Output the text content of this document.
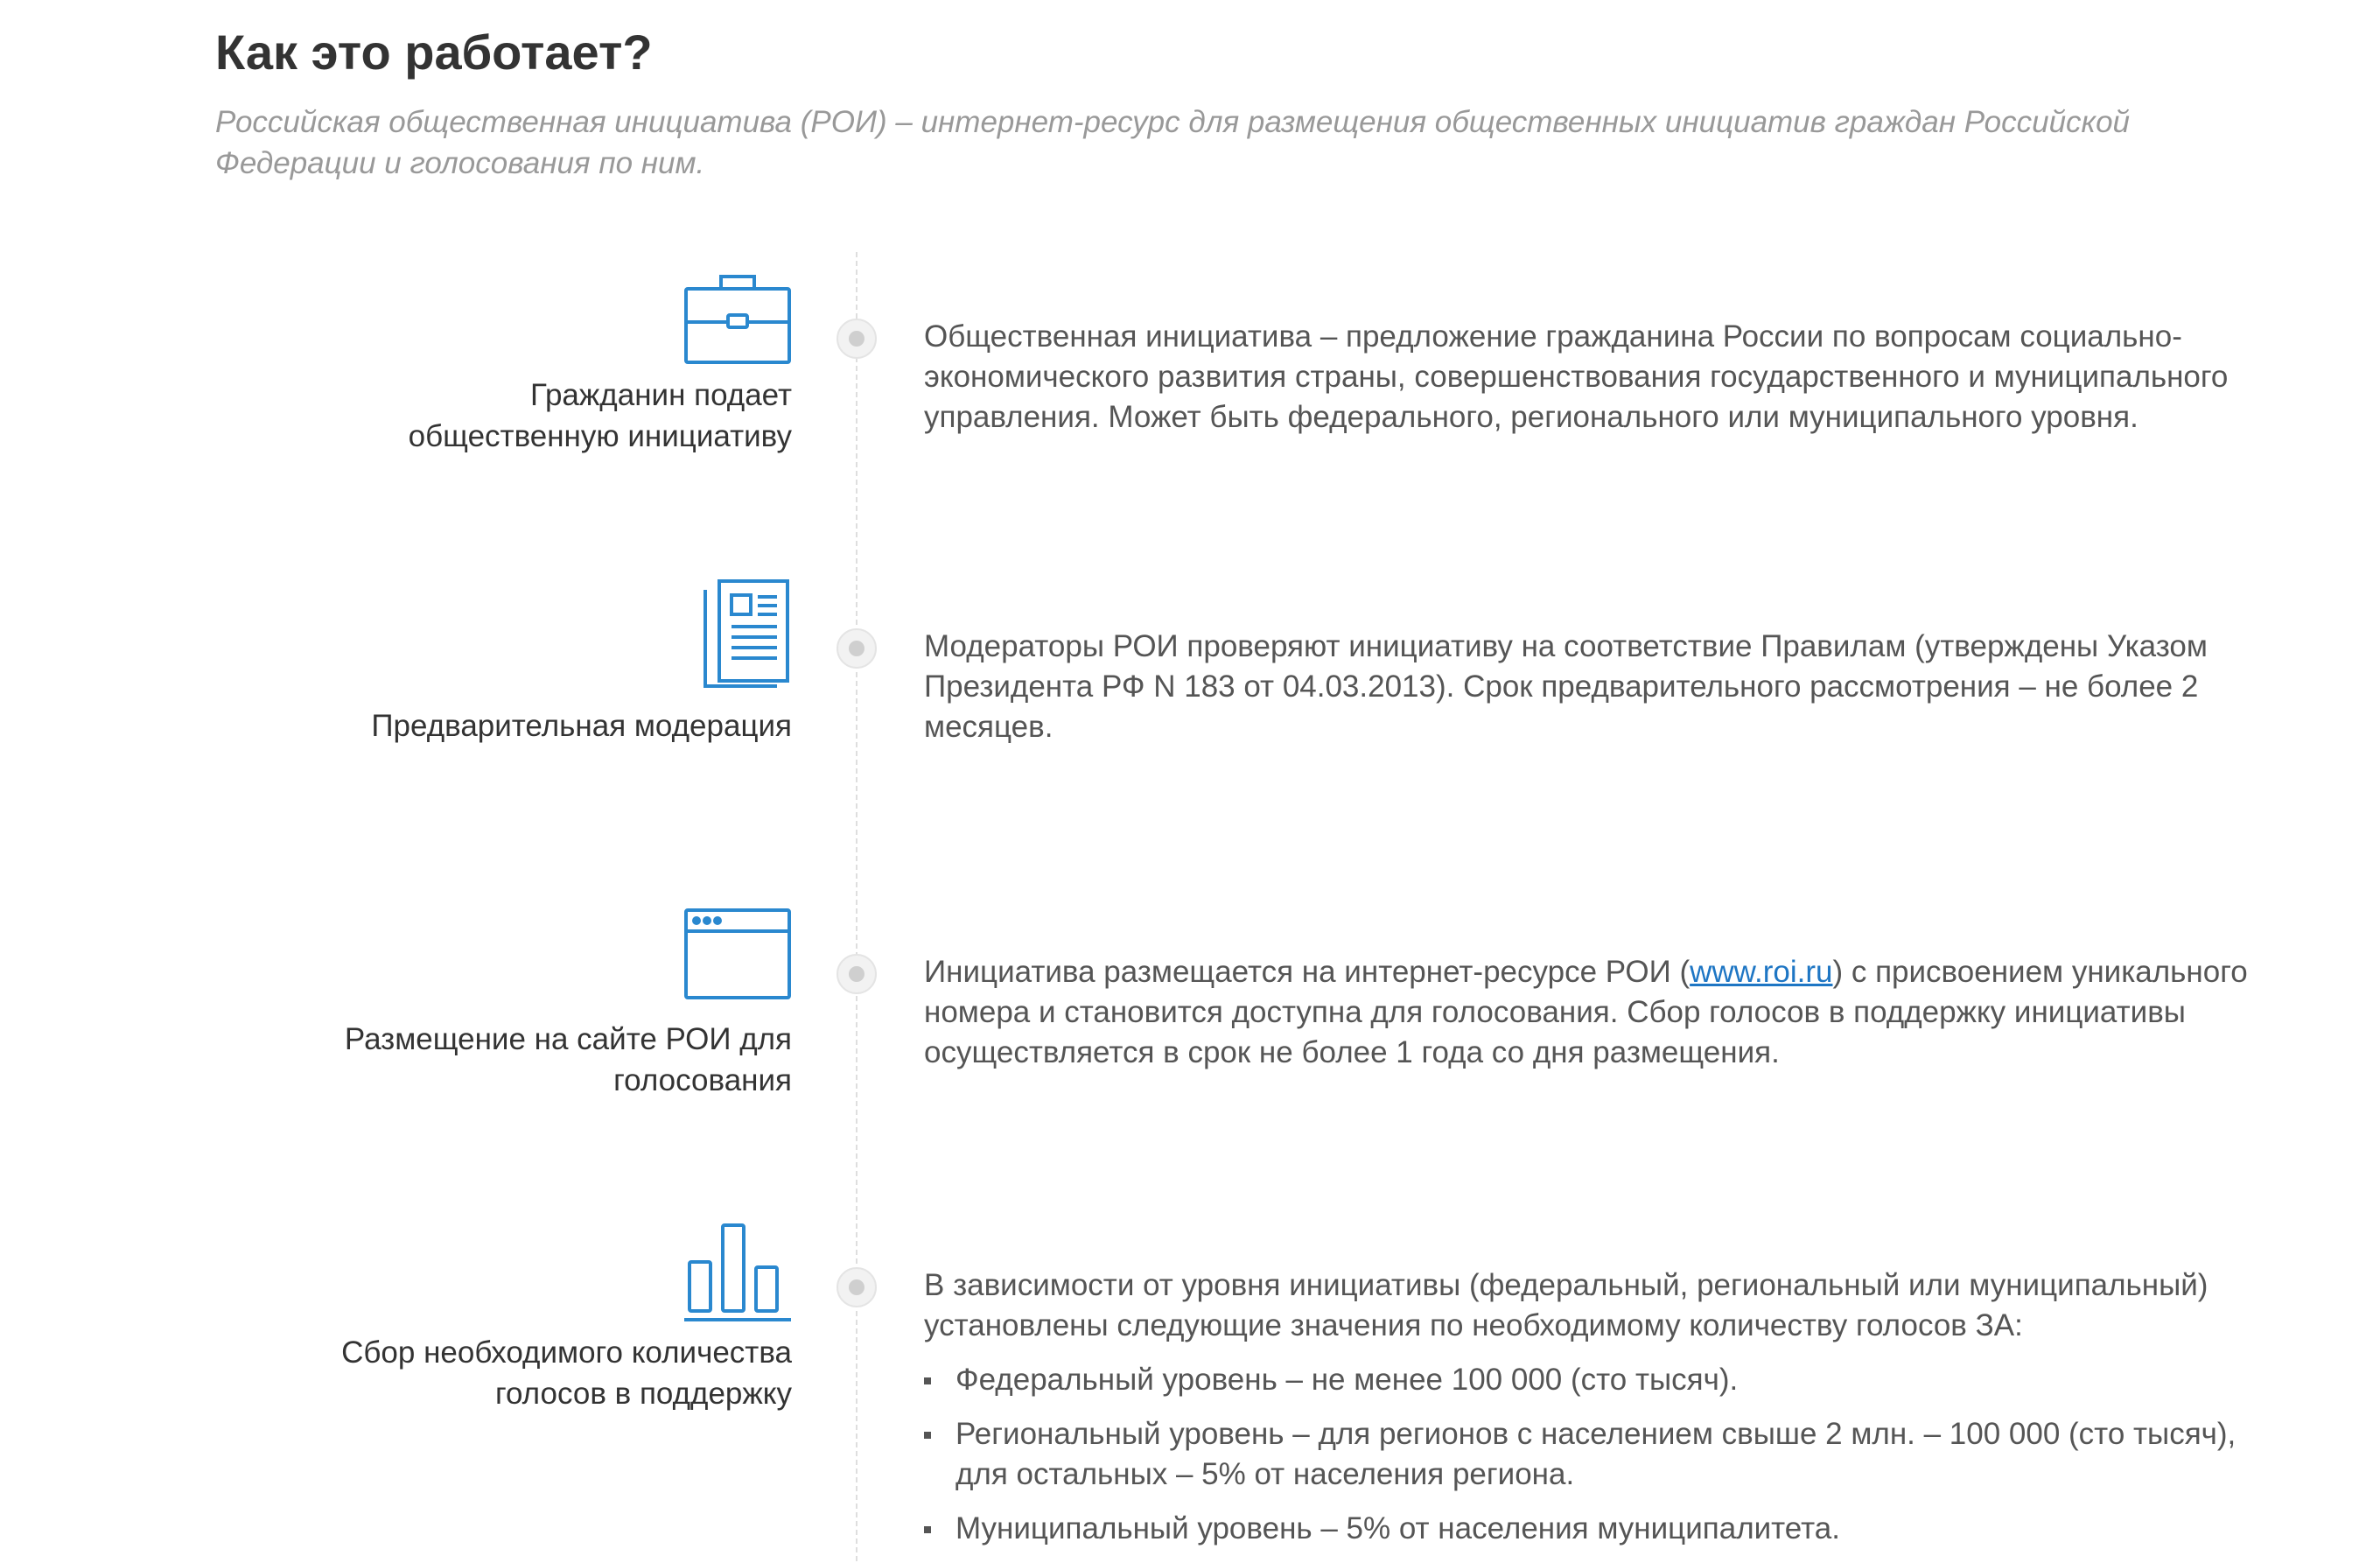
Как это работает?

Российская общественная инициатива (РОИ) – интернет-ресурс для размещения общественных инициатив граждан Российской Федерации и голосования по ним.

Гражданин подает общественную инициативу
Общественная инициатива – предложение гражданина России по вопросам социально-экономического развития страны, совершенствования государственного и муниципального управления. Может быть федерального, регионального или муниципального уровня.
Предварительная модерация
Модераторы РОИ проверяют инициативу на соответствие Правилам (утверждены Указом Президента РФ N 183 от 04.03.2013). Срок предварительного рассмотрения – не более 2 месяцев.
Размещение на сайте РОИ для голосования
Инициатива размещается на интернет-ресурсе РОИ (www.roi.ru) с присвоением уникального номера и становится доступна для голосования. Сбор голосов в поддержку инициативы осуществляется в срок не более 1 года со дня размещения.
Сбор необходимого количества голосов в поддержку
В зависимости от уровня инициативы (федеральный, региональный или муниципальный) установлены следующие значения по необходимому количеству голосов ЗА:
Федеральный уровень – не менее 100 000 (сто тысяч).
Региональный уровень – для регионов с населением свыше 2 млн. – 100 000 (сто тысяч), для остальных – 5% от населения региона.
Муниципальный уровень – 5% от населения муниципалитета.
